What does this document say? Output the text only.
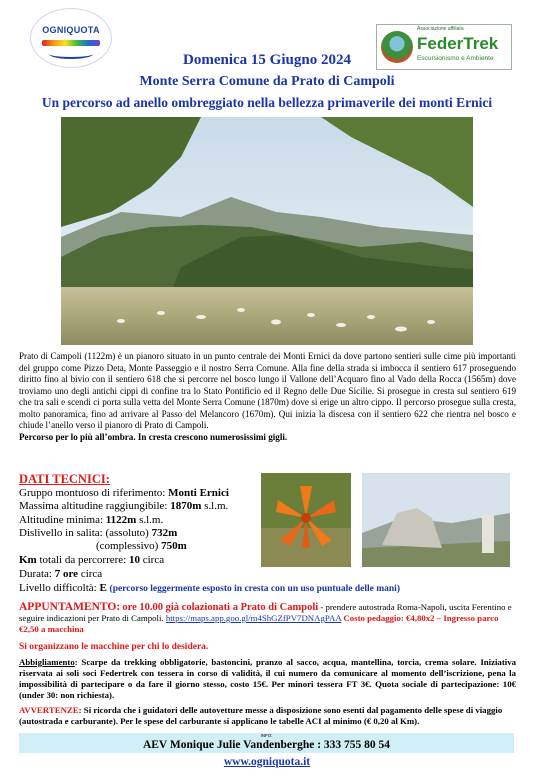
OGNIQUOTA	Associazione affiliata
FederTrek
Escursionismo e Ambiente
Domenica 15 Giugno 2024
Monte Serra Comune da Prato di Campoli
Un percorso ad anello ombreggiato nella bellezza primaverile dei monti Ernici
Prato di Campoli (1122m) è un pianoro situato in un punto centrale dei Monti Ernici da dove partono sentieri sulle cime più importanti del gruppo come Pizzo Deta, Monte Passeggio e il nostro Serra Comune. Alla fine della strada si imbocca il sentiero 617 proseguendo diritto fino al bivio con il sentiero 618 che si percorre nel bosco lungo il Vallone dell’Acquaro fino al Vado della Rocca (1565m) dove troviamo uno degli antichi cippi di confine tra lo Stato Pontificio ed il Regno delle Due Sicilie. Si prosegue in cresta sul sentiero 619 che tra sali e scendi ci porta sulla vetta del Monte Serra Comune (1870m) dove si erige un altro cippo. Il percorso prosegue sulla cresta, molto panoramica, fino ad arrivare al Passo del Melancoro (1670m). Qui inizia la discesa con il sentiero 622 che rientra nel bosco e chiude l’anello verso il pianoro di Prato di Campoli.
Percorso per lo più all’ombra. In cresta crescono numerosissimi gigli.
DATI TECNICI:
Gruppo montuoso di riferimento: Monti Ernici
Massima altitudine raggiungibile: 1870m s.l.m.
Altitudine minima: 1122m s.l.m.
Dislivello in salita: (assoluto) 732m
(complessivo) 750m
Km totali da percorrere: 10 circa
Durata: 7 ore circa
Livello difficoltà: E (percorso leggermente esposto in cresta con un uso puntuale delle mani)
APPUNTAMENTO: ore 10.00 già colazionati a Prato di Campoli - prendere autostrada Roma-Napoli, uscita Ferentino e seguire indicazioni per Prato di Campoli. https://maps.app.goo.gl/m4ShGZfPV7DNAgPAA Costo pedaggio: €4,80x2 – Ingresso parco €2,50 a macchina
Si organizzano le macchine per chi lo desidera.
Abbigliamento: Scarpe da trekking obbligatorie, bastoncini, pranzo al sacco, acqua, mantellina, torcia, crema solare. Iniziativa riservata ai soli soci Federtrek con tessera in corso di validità, il cui numero da comunicare al momento dell’iscrizione, pena la impossibilità di partecipare o da fare il giorno stesso, costo 15€. Per minori tessera FT 3€. Quota sociale di partecipazione: 10€ (under 30: non richiesta).
AVVERTENZE: Si ricorda che i guidatori delle autovetture messe a disposizione sono esenti dal pagamento delle spese di viaggio (autostrada e carburante). Per le spese del carburante si applicano le tabelle ACI al minimo (€ 0,20 al Km).
INFO:
AEV Monique Julie Vandenberghe : 333 755 80 54
www.ogniquota.it
